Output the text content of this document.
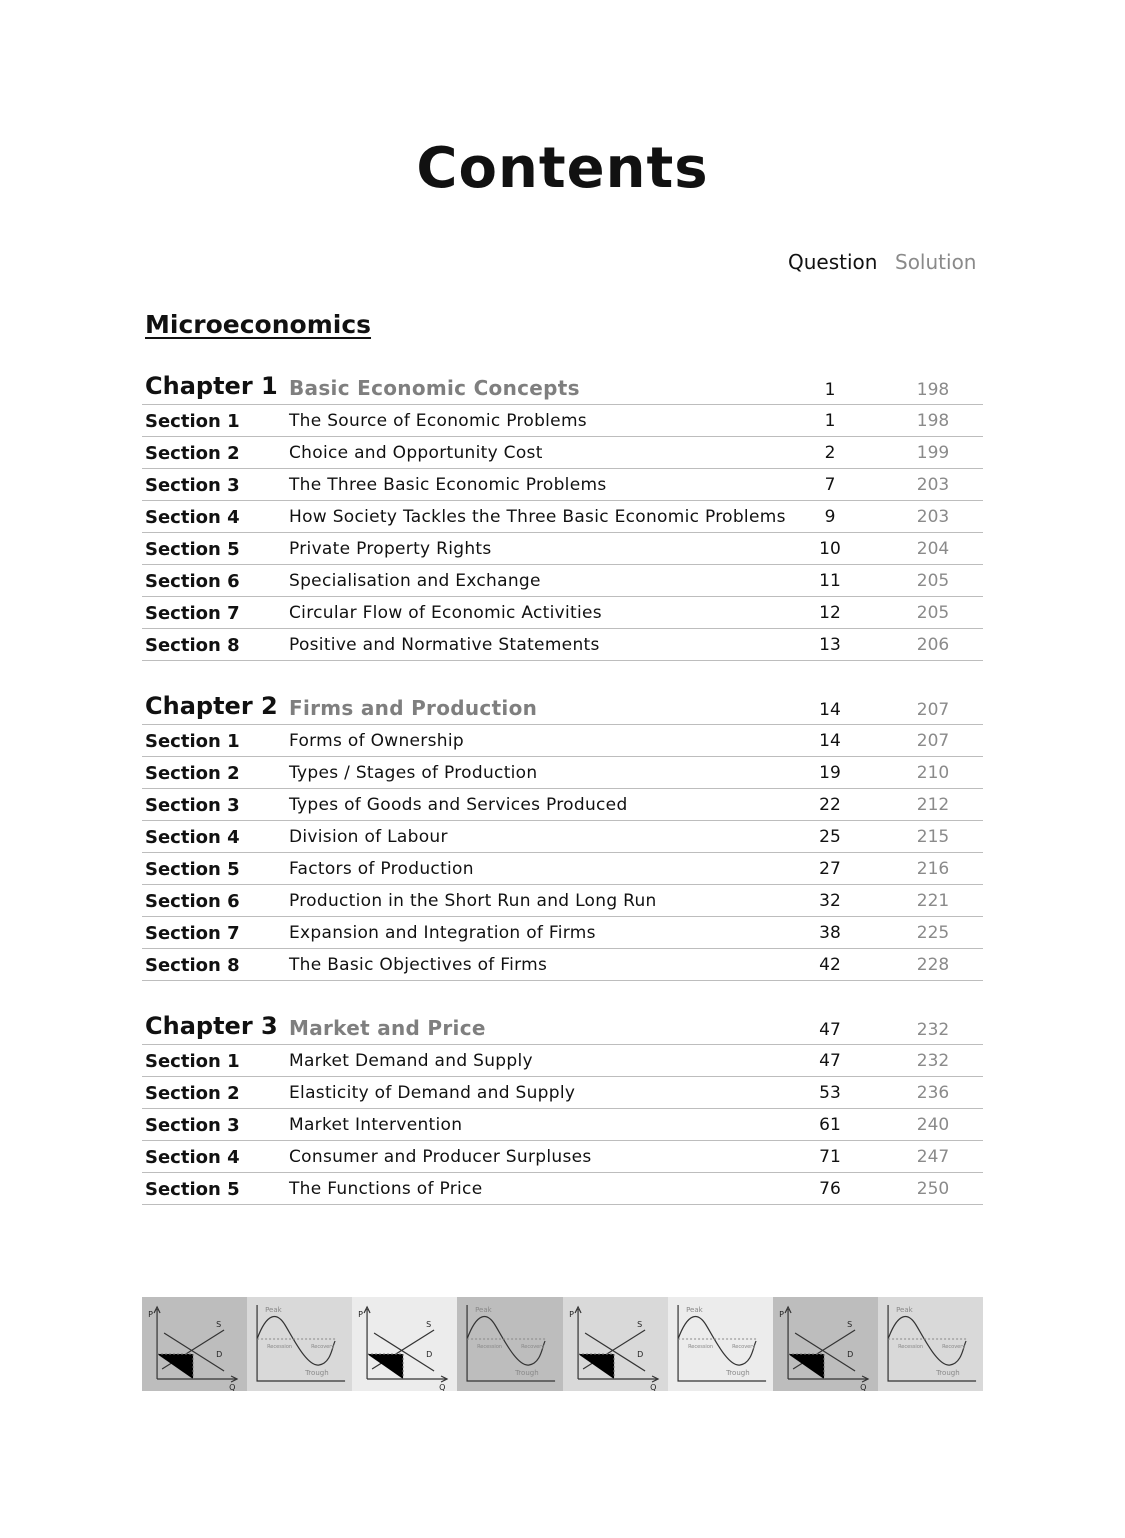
Contents
Question Solution
Microeconomics
Chapter 1 Basic Economic Concepts	1	198
Section 1	The Source of Economic Problems	1	198
Section 2	Choice and Opportunity Cost	2	199
Section 3	The Three Basic Economic Problems	7	203
Section 4	How Society Tackles the Three Basic Economic Problems	9	203
Section 5	Private Property Rights	10	204
Section 6	Specialisation and Exchange	11	205
Section 7	Circular Flow of Economic Activities	12	205
Section 8	Positive and Normative Statements	13	206
Chapter 2 Firms and Production	14	207
Section 1	Forms of Ownership	14	207
Section 2	Types / Stages of Production	19	210
Section 3	Types of Goods and Services Produced	22	212
Section 4	Division of Labour	25	215
Section 5	Factors of Production	27	216
Section 6	Production in the Short Run and Long Run	32	221
Section 7	Expansion and Integration of Firms	38	225
Section 8	The Basic Objectives of Firms	42	228
Chapter 3 Market and Price	47	232
Section 1	Market Demand and Supply	47	232
Section 2	Elasticity of Demand and Supply	53	236
Section 3	Market Intervention	61	240
Section 4	Consumer and Producer Surpluses	71	247
Section 5	The Functions of Price	76	250
P
S
D
Q
Peak
Recession	Recovery
Trough
P
S
D
Q
Peak
Recession	Recovery
Trough
P
S
D
Q
Peak
Recession	Recovery
Trough
P
S
D
Q
Peak
Recession	Recovery
Trough
